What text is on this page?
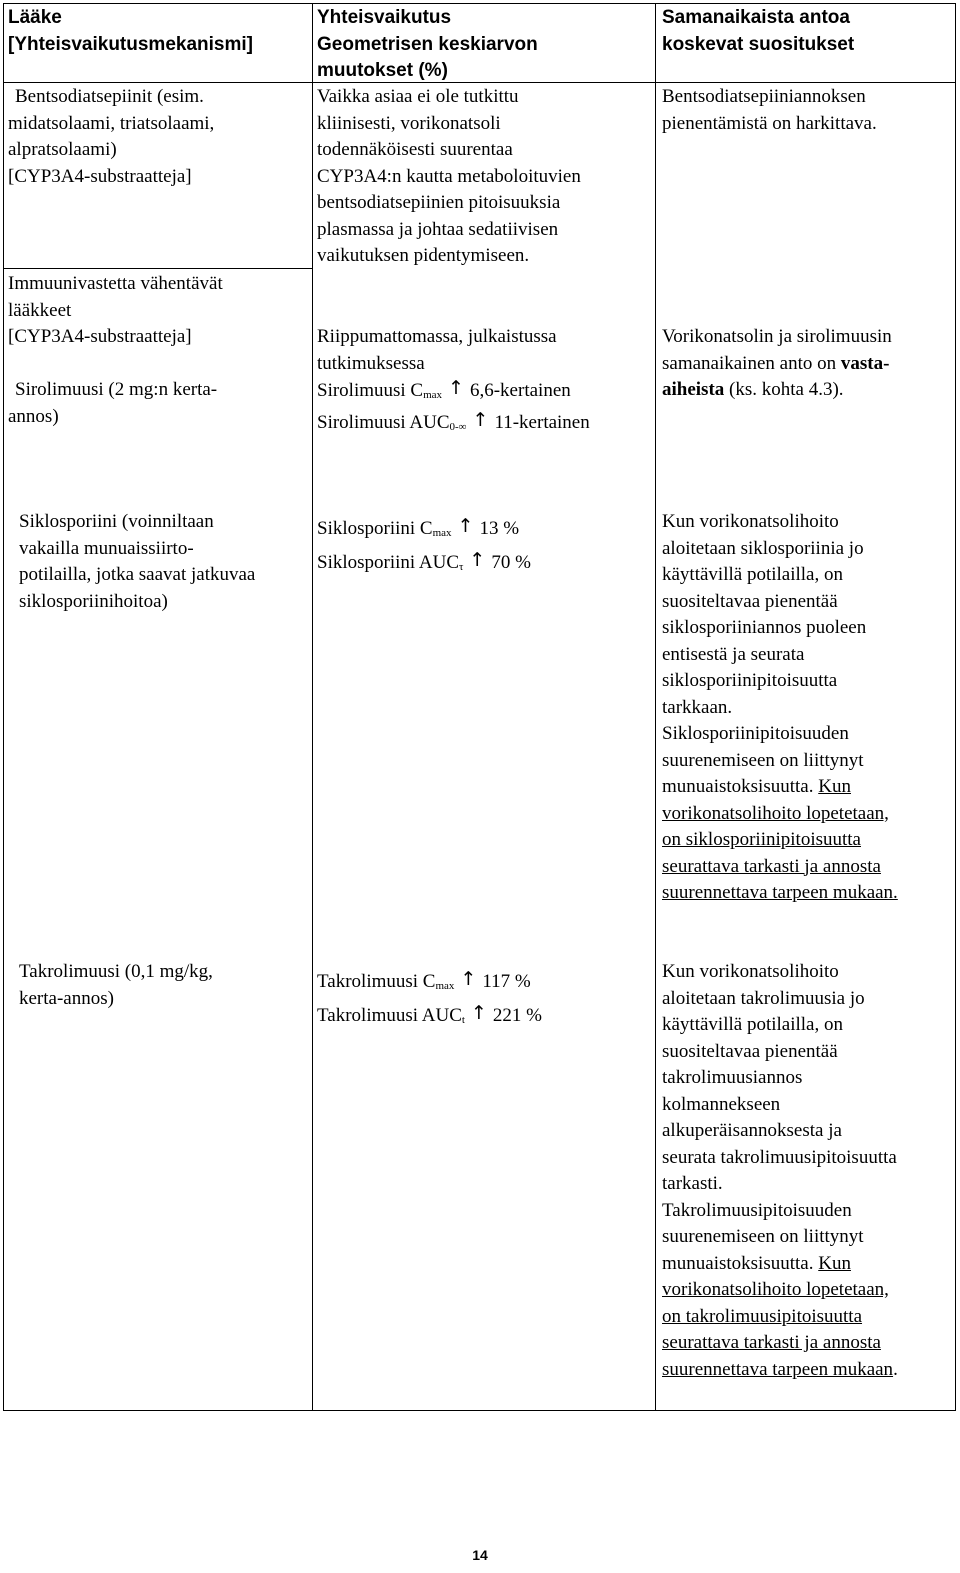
Lääke
[Yhteisvaikutusmekanismi]
Yhteisvaikutus
Geometrisen keskiarvon
muutokset (%)
Samanaikaista antoa
koskevat suositukset
Bentsodiatsepiinit (esim.
midatsolaami, triatsolaami,
alpratsolaami)
[CYP3A4-substraatteja]
Immuunivastetta vähentävät
lääkkeet
[CYP3A4-substraatteja]
Sirolimuusi (2 mg:n kerta-
annos)
Vaikka asiaa ei ole tutkittu
kliinisesti, vorikonatsoli
todennäköisesti suurentaa
CYP3A4:n kautta metaboloituvien
bentsodiatsepiinien pitoisuuksia
plasmassa ja johtaa sedatiivisen
vaikutuksen pidentymiseen.
Riippumattomassa, julkaistussa
tutkimuksessa
Sirolimuusi $C_{max}$ ↑ 6,6-kertainen
Sirolimuusi $AUC_{0-\infty}$ ↑ 11-kertainen
Bentsodiatsepiiniannoksen
pienentämistä on harkittava.
Vorikonatsolin ja sirolimuusin
samanaikainen anto on vasta-
aiheista (ks. kohta 4.3).
Siklosporiini (voinniltaan
vakailla munuaissiirto-
potilailla, jotka saavat jatkuvaa
siklosporiinihoitoa)
Siklosporiini $C_{max}$ ↑ 13 %
Siklosporiini $AUC_\tau$ ↑ 70 %
Kun vorikonatsolihoito
aloitetaan siklosporiinia jo
käyttävillä potilailla, on
suositeltavaa pienentää
siklosporiiniannos puoleen
entisestä ja seurata
siklosporiinipitoisuutta
tarkkaan.
Siklosporiinipitoisuuden
suurenemiseen on liittynyt
munuaistoksisuutta. Kun
vorikonatsolihoito lopetetaan,
on siklosporiinipitoisuutta
seurattava tarkasti ja annosta
suurennettava tarpeen mukaan.
Takrolimuusi (0,1 mg/kg,
kerta-annos)
Takrolimuusi $C_{max}$ ↑ 117 %
Takrolimuusi $AUC_t$ ↑ 221 %
Kun vorikonatsolihoito
aloitetaan takrolimuusia jo
käyttävillä potilailla, on
suositeltavaa pienentää
takrolimuusiannos
kolmannekseen
alkuperäisannoksesta ja
seurata takrolimuusipitoisuutta
tarkasti.
Takrolimuusipitoisuuden
suurenemiseen on liittynyt
munuaistoksisuutta. Kun
vorikonatsolihoito lopetetaan,
on takrolimuusipitoisuutta
seurattava tarkasti ja annosta
suurennettava tarpeen mukaan.
14
